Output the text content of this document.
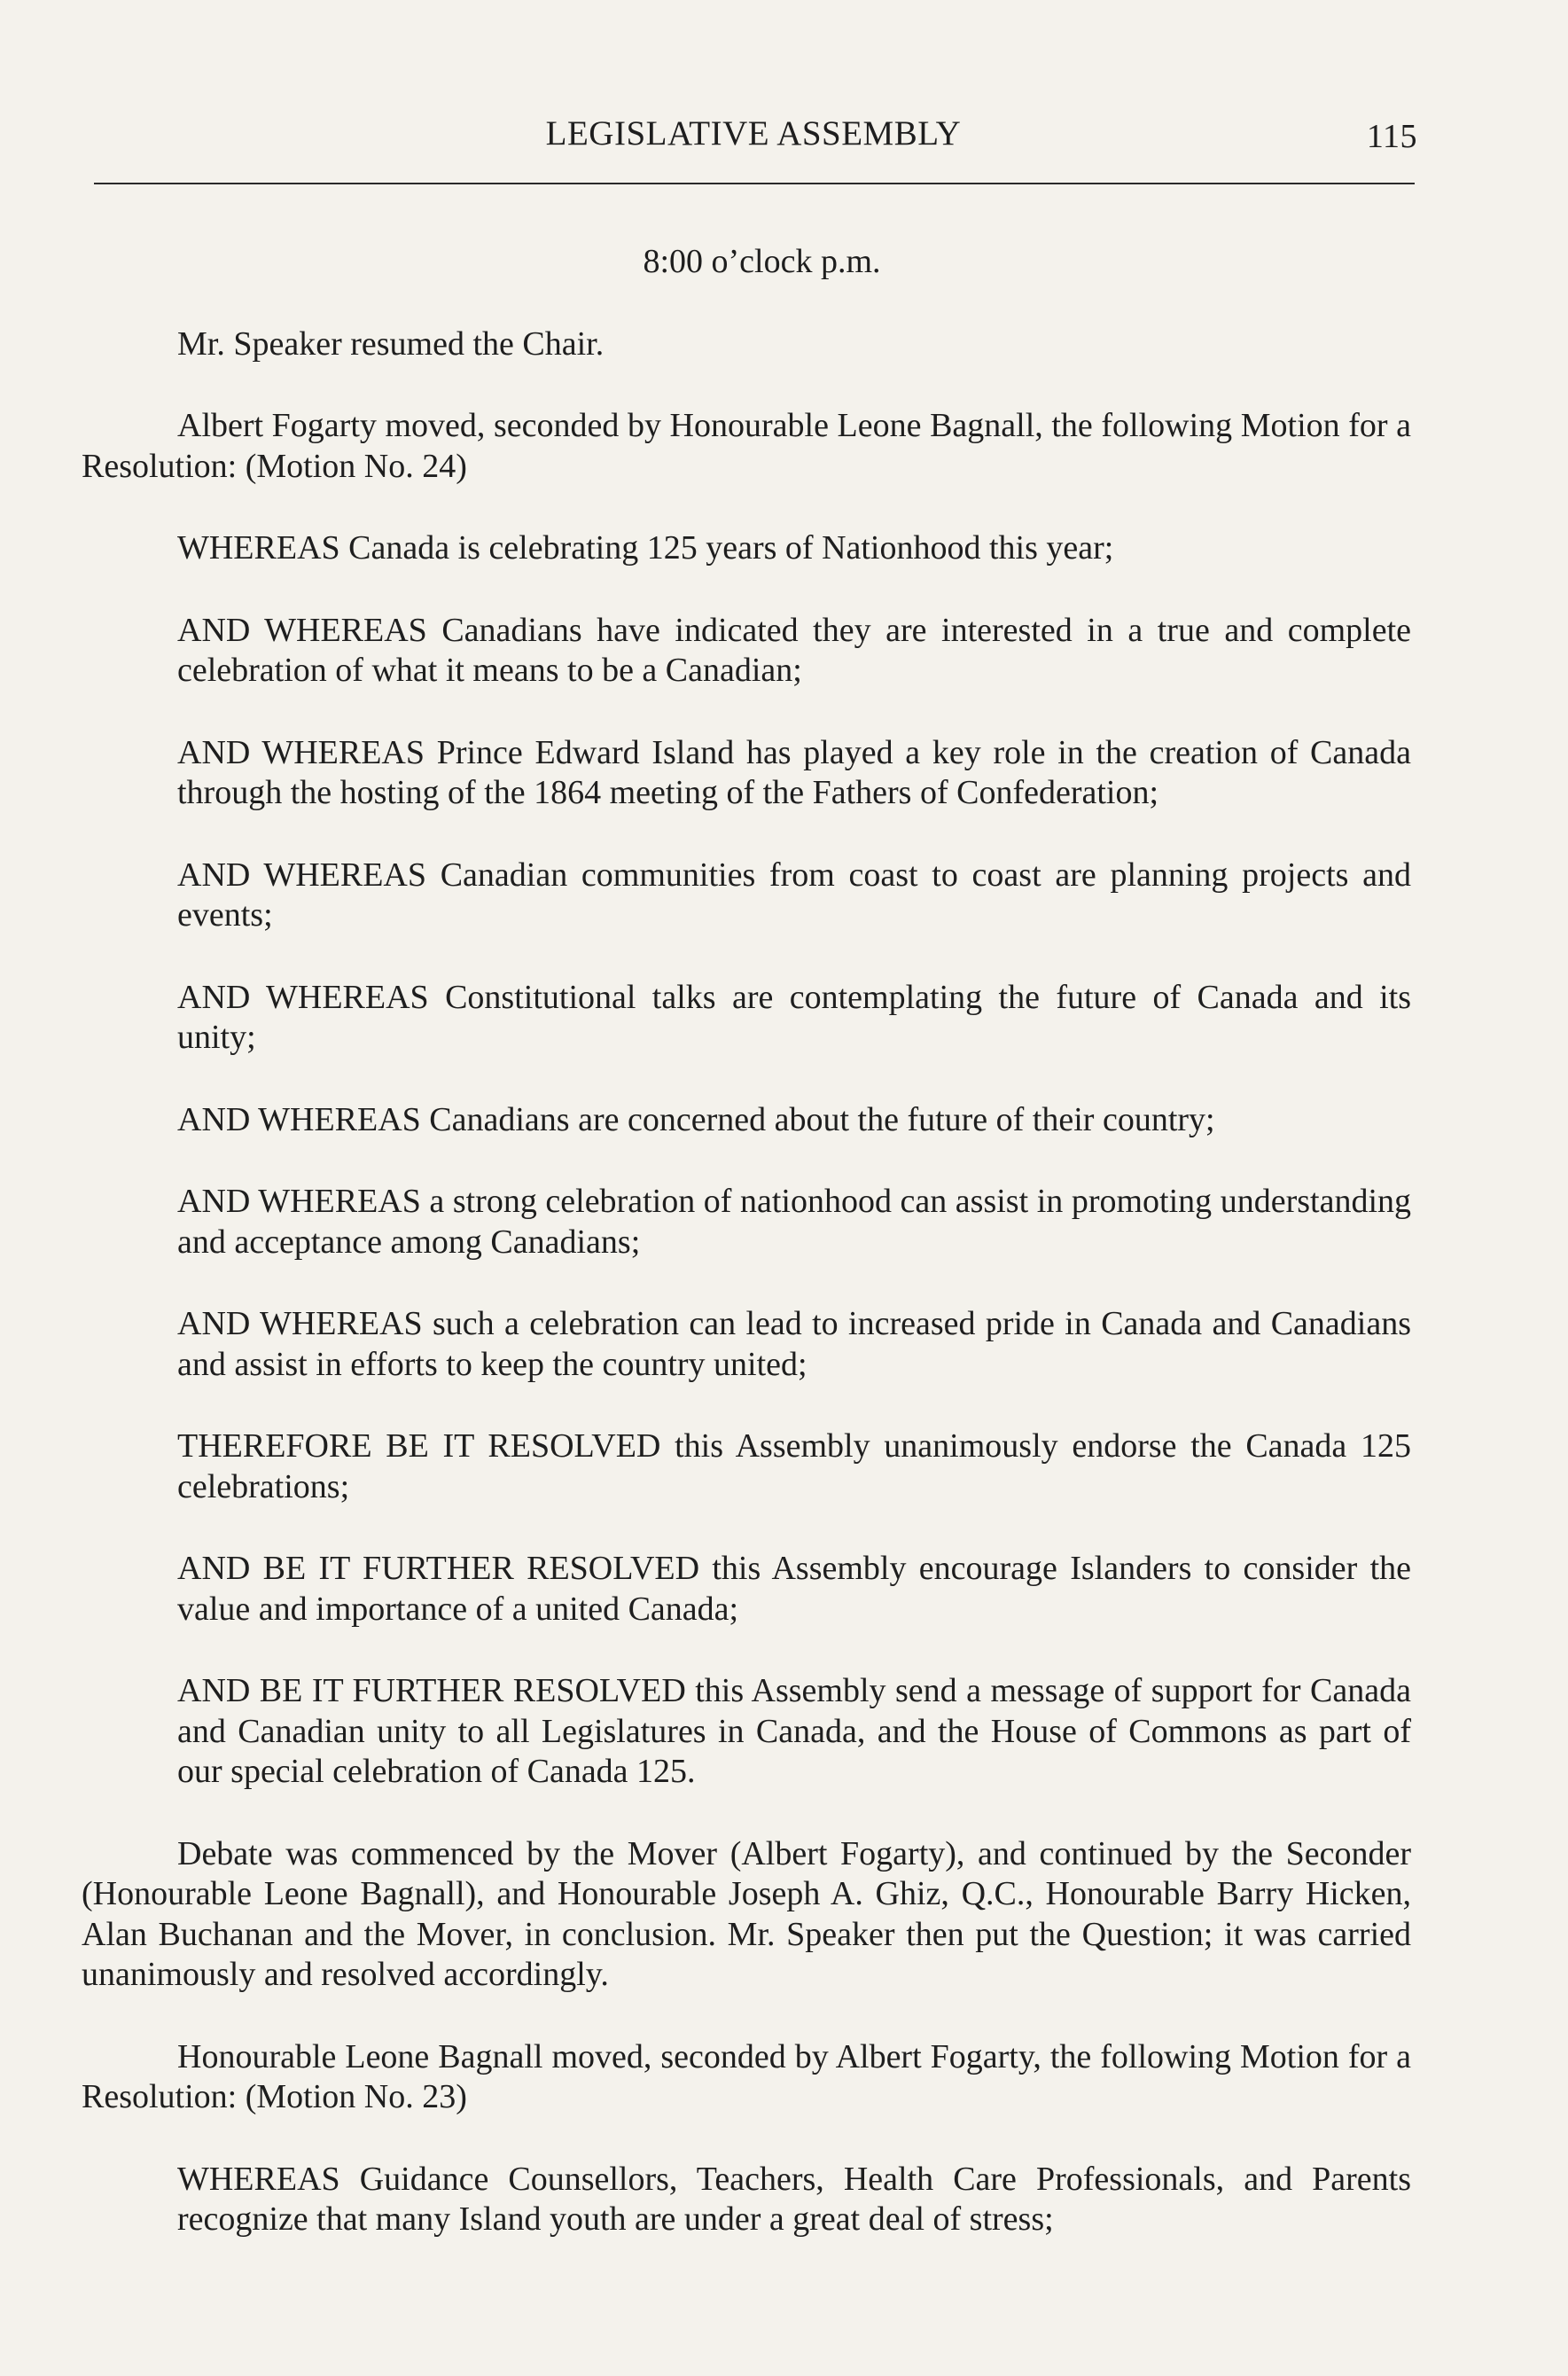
LEGISLATIVE ASSEMBLY	115

8:00 o’clock p.m.

Mr. Speaker resumed the Chair.

Albert Fogarty moved, seconded by Honourable Leone Bagnall, the following Motion for a Resolution: (Motion No. 24)

WHEREAS Canada is celebrating 125 years of Nationhood this year;

AND WHEREAS Canadians have indicated they are interested in a true and complete celebration of what it means to be a Canadian;

AND WHEREAS Prince Edward Island has played a key role in the creation of Canada through the hosting of the 1864 meeting of the Fathers of Confederation;

AND WHEREAS Canadian communities from coast to coast are planning projects and events;

AND WHEREAS Constitutional talks are contemplating the future of Canada and its unity;

AND WHEREAS Canadians are concerned about the future of their country;

AND WHEREAS a strong celebration of nationhood can assist in promoting understanding and acceptance among Canadians;

AND WHEREAS such a celebration can lead to increased pride in Canada and Canadians and assist in efforts to keep the country united;

THEREFORE BE IT RESOLVED this Assembly unanimously endorse the Canada 125 celebrations;

AND BE IT FURTHER RESOLVED this Assembly encourage Islanders to consider the value and importance of a united Canada;

AND BE IT FURTHER RESOLVED this Assembly send a message of support for Canada and Canadian unity to all Legislatures in Canada, and the House of Commons as part of our special celebration of Canada 125.

Debate was commenced by the Mover (Albert Fogarty), and continued by the Seconder (Honourable Leone Bagnall), and Honourable Joseph A. Ghiz, Q.C., Honourable Barry Hicken, Alan Buchanan and the Mover, in conclusion. Mr. Speaker then put the Question; it was carried unanimously and resolved accordingly.

Honourable Leone Bagnall moved, seconded by Albert Fogarty, the following Motion for a Resolution: (Motion No. 23)

WHEREAS Guidance Counsellors, Teachers, Health Care Professionals, and Parents recognize that many Island youth are under a great deal of stress;
